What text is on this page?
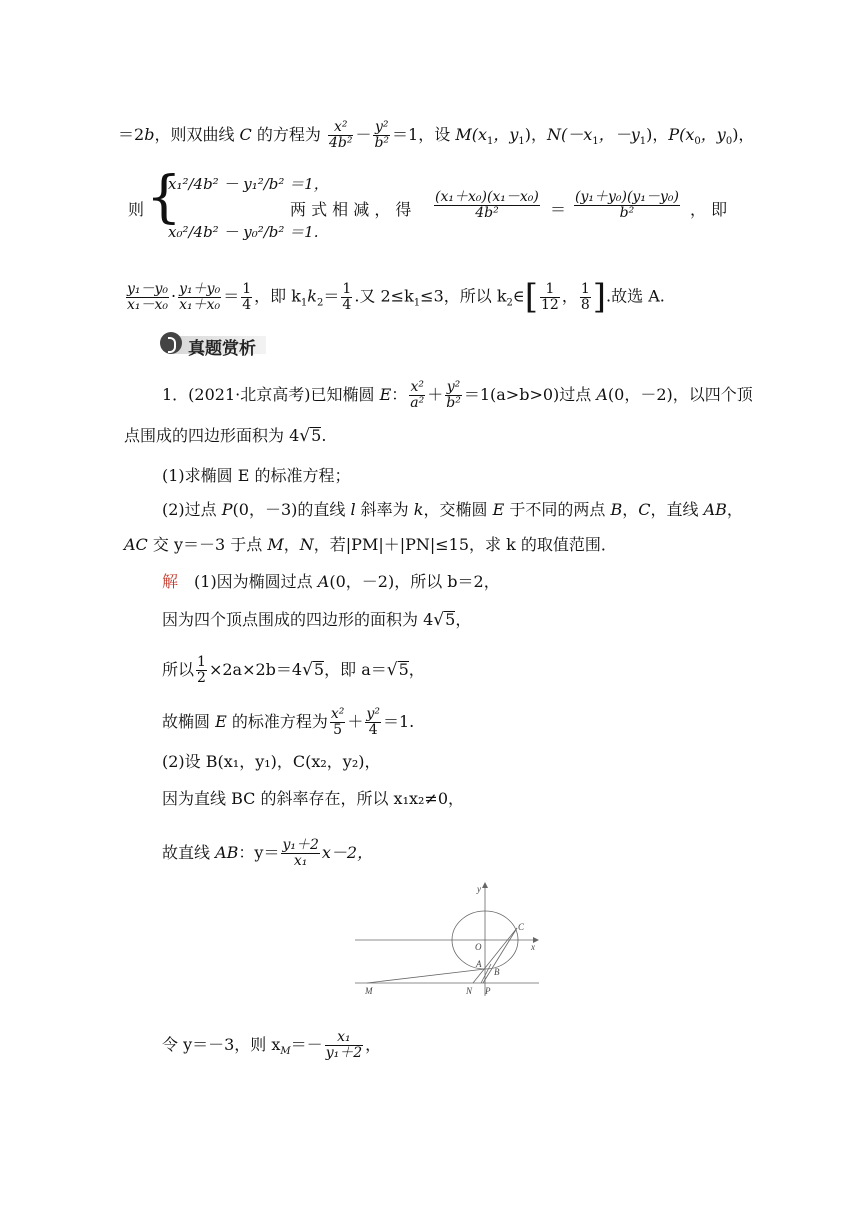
＝2b，则双曲线 C 的方程为 $\frac{\text{x²}}{\text{4b²}} - \frac{\text{y²}}{\text{b²}} =1$，设 $M(x_1$，$y_1$)，$N(-x_1$，$-y_1$)，$P(x_0$，$y_0$)，
则 {
x₁²/4b² － y₁²/b² ＝1，
x₀²/4b² － y₀²/b² ＝1.
两 式 相 减 ， 得 $\frac{\text{(x₁＋x₀)(x₁－x₀)}}{\text{4b²}} = \frac{\text{(y₁＋y₀)(y₁－y₀)}}{\text{b²}}$ ， 即
$\frac{\text{y₁－y₀}}{\text{x₁－x₀}} \cdot \frac{\text{y₁＋y₀}}{\text{x₁＋x₀}} = \frac{1}{4}$ ，即 $k_1k_2= \frac{1}{4}$ .又 $2\le k_1\le 3$，所以 $k_2\in[ \frac{1}{12}$ ， $\frac{1}{8}$ ].故选 A.
真题赏析
1．(2021·北京高考)已知椭圆 E： $\frac{\text{x²}}{\text{a²}} + \frac{\text{y²}}{\text{b²}} =1(a>b>0)$过点 A(0，－2)，以四个顶
点围成的四边形面积为 4√5.
(1)求椭圆 E 的标准方程；
(2)过点 P(0，－3)的直线 l 斜率为 k，交椭圆 E 于不同的两点 B，C，直线 AB，
AC 交 y＝－3 于点 M，N，若|PM|＋|PN|≤15，求 k 的取值范围．
解　(1)因为椭圆过点 A(0，－2)，所以 b＝2，
因为四个顶点围成的四边形的面积为 4√5，
所以 $\frac{1}{2} \times 2a\times 2b=4√5$，即 a＝√5，
故椭圆 E 的标准方程为 $\frac{\text{x²}}{5} + \frac{\text{y²}}{4} =1$.
(2)设 B(x₁，y₁)，C(x₂，y₂)，
因为直线 BC 的斜率存在，所以 x₁x₂≠0，
故直线 AB：$y= \frac{\text{y₁＋2}}{\text{x₁}} x-2$，
y
x
O
C
A
B
M	N P
令 y＝－3，则 $x_M=- \frac{\text{x₁}}{\text{y₁＋2}}$ ，
